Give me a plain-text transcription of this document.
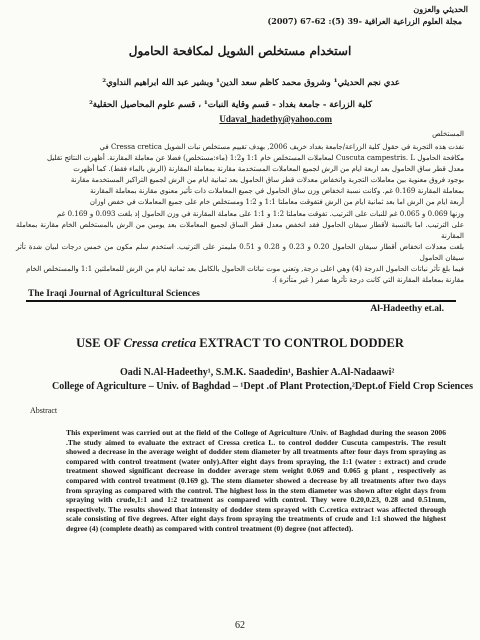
الحديثي والعزون
مجلة العلوم الزراعية العراقية -39 (5): 62-67 (2007)
استخدام مستخلص الشويل لمكافحة الحامول
عدي نجم الحديثي¹ وشروق محمد كاظم سعد الدين¹ وبشير عبد الله ابراهيم النداوي²
كلية الزراعة - جامعة بغداد - قسم وقاية النبات¹ ، قسم علوم المحاصيل الحقلية²
Udaval_hadethy@yahoo.com
المستخلص
نفذت هذه التجربة في حقول كلية الزراعة/جامعة بغداد خريف 2006, بهدف تقييم مستخلص نبات الشويل Cressa cretica في
مكافحة الحامول Cuscuta campestris. L لمعاملات المستخلص خام 1:1 و1:2 (ماء:مستخلص) فضلا عن معاملة المقارنة. أظهرت النتائج تقليل
معدل قطر ساق الحامول بعد اربعة ايام من الرش لجميع المعاملات المستخدمة مقارنة بمعاملة المقارنة (الرش بالماء فقط). كما أظهرت
بوجود فروق معنوية بين معاملات التجربة وانخفاض معدلات قطر ساق الحامول بعد ثمانية ايام من الرش لجميع التراكيز المستخدمة مقارنة
بمعاملة المقارنة 0.169 غم. وكانت نسبة انخفاض وزن ساق الحامول في جميع المعاملات ذات تأثير معنوي مقارنة بمعاملة المقارنة
أربعة ايام من الرش اما بعد ثمانية ايام من الرش فتفوقت معاملتا 1:1 و 1:2 ومستخلص خام على جميع المعاملات في خفض اوزان
وزنها 0.069 و 0.065 غم للنبات على الترتيب. تفوقت معاملتا 1:2 و 1:1 على معاملة المقارنة في وزن الحامول إذ بلغت 0.093 و 0.169 غم
على الترتيب. اما بالنسبة لأقطار سيقان الحامول فقد انخفض معدل قطر الساق لجميع المعاملات بعد يومين من الرش بالمستخلص الخام مقارنة بمعاملة المقارنة
بلغت معدلات انخفاض أقطار سيقان الحامول 0.20 و 0.23 و 0.28 و 0.51 مليمتر على الترتيب. استخدم سلم مكون من خمس درجات لبيان شدة تأثر سيقان الحامول
فيما بلغ تأثر نباتات الحامول الدرجة (4) وهي اعلى درجة, وتعني موت نباتات الحامول بالكامل بعد ثمانية ايام من الرش للمعاملتين 1:1 والمستخلص الخام
مقارنة بمعاملة المقارنة التي كانت درجة تأثرها صفر ( غير متأثرة ).
The Iraqi Journal of Agricultural Sciences
Al-Hadeethy et.al.
USE OF Cressa cretica EXTRACT TO CONTROL DODDER
Oadi N.Al-Hadeethy¹, S.M.K. Saadedin¹, Bashier A.Al-Nadaawi²
College of Agriculture – Univ. of Baghdad – ¹Dept .of Plant Protection,²Dept.of Field Crop Sciences
Abstract
This experiment was carried out at the field of the College of Agriculture /Univ. of Baghdad during the season 2006 .The study aimed to evaluate the extract of Cressa cretica L. to control dodder Cuscuta campestris. The result showed a decrease in the average weight of dodder stem diameter by all treatments after four days from spraying as compared with control treatment (water only).After eight days from spraying, the 1:1 (water : extract) and crude treatment showed significant decrease in dodder average stem weight 0.069 and 0.065 g plant , respectively as compared with control treatment (0.169 g). The stem diameter showed a decrease by all treatments after two days from spraying as compared with the control. The highest loss in the stem diameter was shown after eight days from spraying with crude,1:1 and 1:2 treatment as compared with control. They were 0.20,0.23, 0.28 and 0.51mm, respectively. The results showed that intensity of dodder stem sprayed with C.cretica extract was affected through scale consisting of five degrees. After eight days from spraying the treatments of crude and 1:1 showed the highest degree (4) (complete death) as compared with control treatment (0) degree (not affected).
62
